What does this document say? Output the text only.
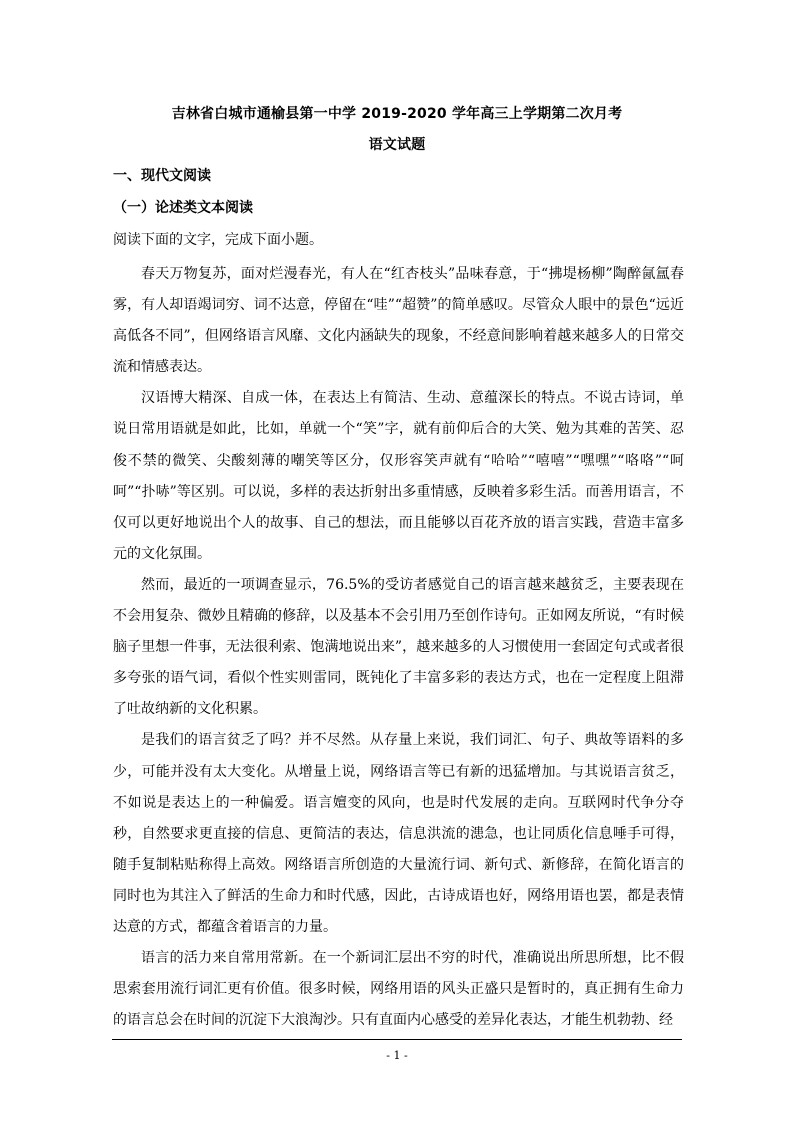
吉林省白城市通榆县第一中学 2019-2020 学年高三上学期第二次月考
语文试题
一、现代文阅读
（一）论述类文本阅读
阅读下面的文字，完成下面小题。

春天万物复苏，面对烂漫春光，有人在“红杏枝头”品味春意，于“拂堤杨柳”陶醉氤氲春雾，有人却语竭词穷、词不达意，停留在“哇”“超赞”的简单感叹。尽管众人眼中的景色“远近高低各不同”，但网络语言风靡、文化内涵缺失的现象，不经意间影响着越来越多人的日常交流和情感表达。

汉语博大精深、自成一体，在表达上有简洁、生动、意蕴深长的特点。不说古诗词，单说日常用语就是如此，比如，单就一个“笑”字，就有前仰后合的大笑、勉为其难的苦笑、忍俊不禁的微笑、尖酸刻薄的嘲笑等区分，仅形容笑声就有“哈哈”“嘻嘻”“嘿嘿”“咯咯”“呵呵”“扑哧”等区别。可以说，多样的表达折射出多重情感，反映着多彩生活。而善用语言，不仅可以更好地说出个人的故事、自己的想法，而且能够以百花齐放的语言实践，营造丰富多元的文化氛围。

然而，最近的一项调查显示，76.5%的受访者感觉自己的语言越来越贫乏，主要表现在不会用复杂、微妙且精确的修辞，以及基本不会引用乃至创作诗句。正如网友所说，“有时候脑子里想一件事，无法很利索、饱满地说出来”，越来越多的人习惯使用一套固定句式或者很多夸张的语气词，看似个性实则雷同，既钝化了丰富多彩的表达方式，也在一定程度上阻滞了吐故纳新的文化积累。

是我们的语言贫乏了吗？并不尽然。从存量上来说，我们词汇、句子、典故等语料的多少，可能并没有太大变化。从增量上说，网络语言等已有新的迅猛增加。与其说语言贫乏，不如说是表达上的一种偏爱。语言嬗变的风向，也是时代发展的走向。互联网时代争分夺秒，自然要求更直接的信息、更简洁的表达，信息洪流的漶急，也让同质化信息唾手可得，随手复制粘贴称得上高效。网络语言所创造的大量流行词、新句式、新修辞，在简化语言的同时也为其注入了鲜活的生命力和时代感，因此，古诗成语也好，网络用语也罢，都是表情达意的方式，都蕴含着语言的力量。

语言的活力来自常用常新。在一个新词汇层出不穷的时代，准确说出所思所想，比不假思索套用流行词汇更有价值。很多时候，网络用语的风头正盛只是暂时的，真正拥有生命力的语言总会在时间的沉淀下大浪淘沙。只有直面内心感受的差异化表达，才能生机勃勃、经

- 1 -
